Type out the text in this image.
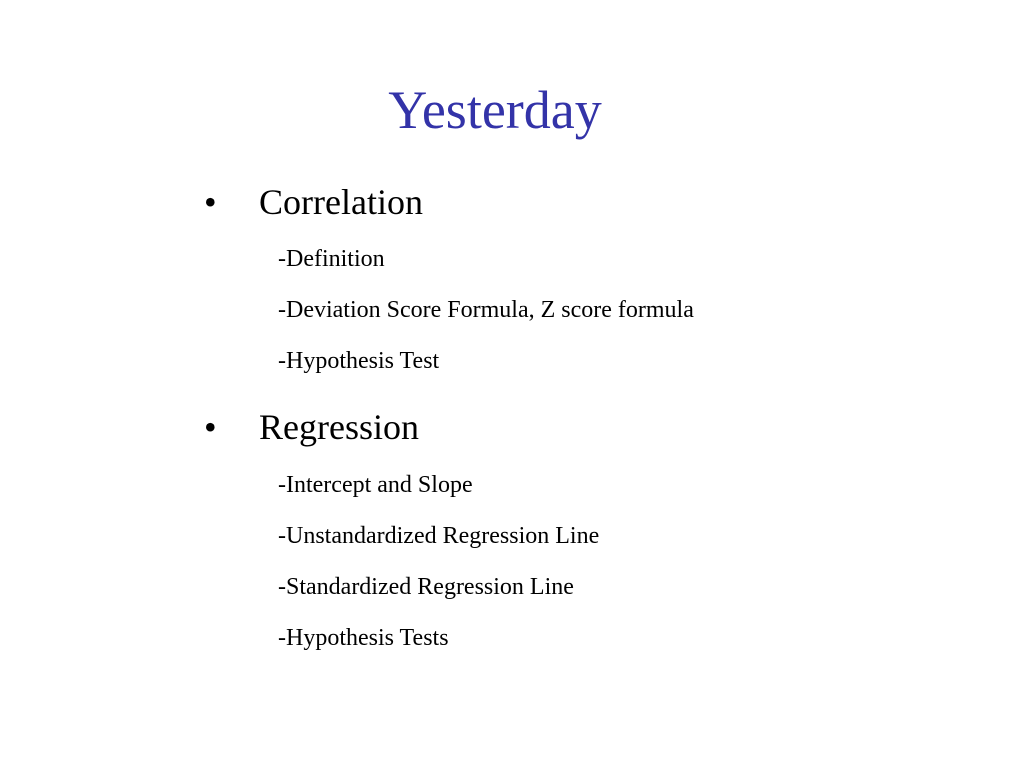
Yesterday
• Correlation
-Definition
-Deviation Score Formula, Z score formula
-Hypothesis Test
• Regression
-Intercept and Slope
-Unstandardized Regression Line
-Standardized Regression Line
-Hypothesis Tests
